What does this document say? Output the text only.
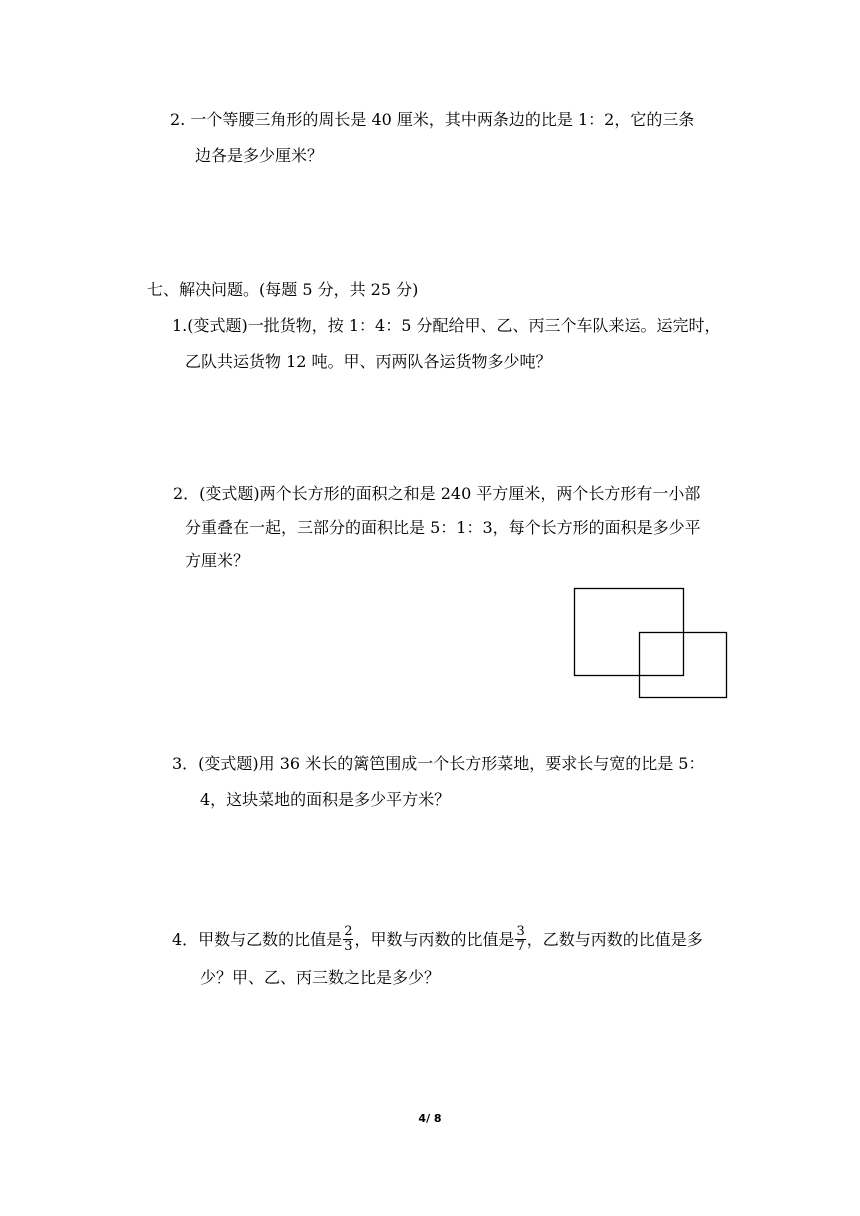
2. 一个等腰三角形的周长是 40 厘米，其中两条边的比是 1：2，它的三条
边各是多少厘米？
七、解决问题。(每题 5 分，共 25 分)
1.(变式题)一批货物，按 1：4：5 分配给甲、乙、丙三个车队来运。运完时，
乙队共运货物 12 吨。甲、丙两队各运货物多少吨？
2．(变式题)两个长方形的面积之和是 240 平方厘米，两个长方形有一小部
分重叠在一起，三部分的面积比是 5：1：3，每个长方形的面积是多少平
方厘米？
3．(变式题)用 36 米长的篱笆围成一个长方形菜地，要求长与宽的比是 5：
4，这块菜地的面积是多少平方米？
4．甲数与乙数的比值是 $\frac{2}{3}$ ，甲数与丙数的比值是 $\frac{3}{7}$ ，乙数与丙数的比值是多
少？甲、乙、丙三数之比是多少？
4/ 8
